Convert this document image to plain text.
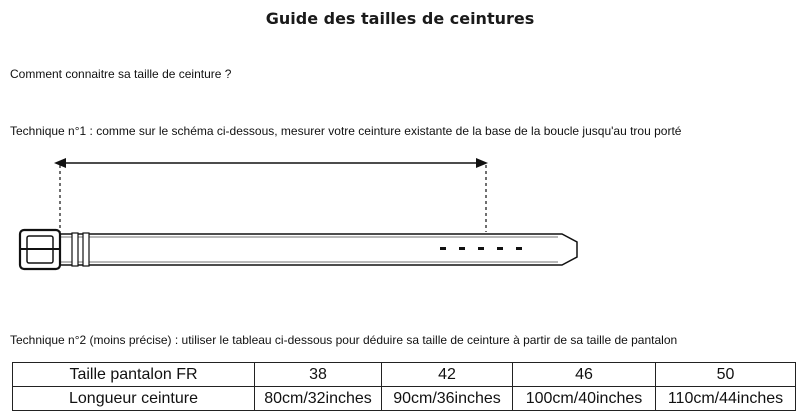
Guide des tailles de ceintures
Comment connaitre sa taille de ceinture ?
Technique n°1 : comme sur le schéma ci-dessous, mesurer votre ceinture existante de la base de la boucle jusqu'au trou porté
Technique n°2 (moins précise) : utiliser le tableau ci-dessous pour déduire sa taille de ceinture à partir de sa taille de pantalon
Taille pantalon FR	38	42	46	50
Longueur ceinture	80cm/32inches	90cm/36inches	100cm/40inches	110cm/44inches
